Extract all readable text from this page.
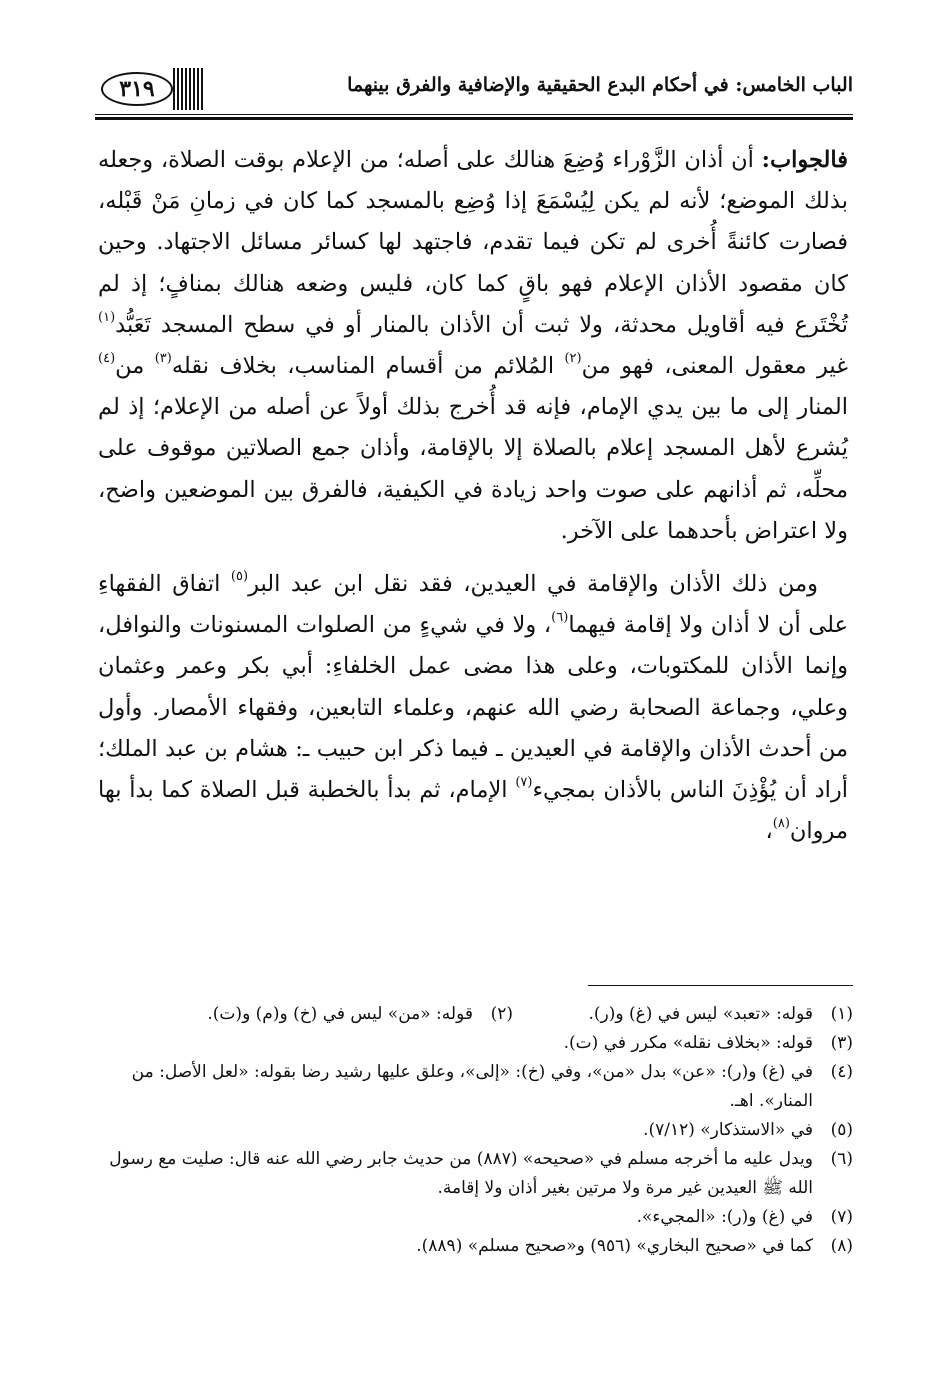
الباب الخامس: في أحكام البدع الحقيقية والإضافية والفرق بينهما
٣١٩

فالجواب: أن أذان الزَّوْراء وُضِعَ هنالك على أصله؛ من الإعلام بوقت الصلاة، وجعله بذلك الموضع؛ لأنه لم يكن لِيُسْمَعَ إذا وُضِع بالمسجد كما كان في زمانِ مَنْ قَبْله، فصارت كائنةً أُخرى لم تكن فيما تقدم، فاجتهد لها كسائر مسائل الاجتهاد. وحين كان مقصود الأذان الإعلام فهو باقٍ كما كان، فليس وضعه هنالك بمنافٍ؛ إذ لم تُخْتَرع فيه أقاويل محدثة، ولا ثبت أن الأذان بالمنار أو في سطح المسجد تَعَبُّد$^{(١)}$ غير معقول المعنى، فهو من$^{(٢)}$ المُلائم من أقسام المناسب، بخلاف نقله$^{(٣)}$ من$^{(٤)}$ المنار إلى ما بين يدي الإمام، فإنه قد أُخرج بذلك أولاً عن أصله من الإعلام؛ إذ لم يُشرع لأهل المسجد إعلام بالصلاة إلا بالإقامة، وأذان جمع الصلاتين موقوف على محلِّه، ثم أذانهم على صوت واحد زيادة في الكيفية، فالفرق بين الموضعين واضح، ولا اعتراض بأحدهما على الآخر.

ومن ذلك الأذان والإقامة في العيدين، فقد نقل ابن عبد البر$^{(٥)}$ اتفاق الفقهاءِ على أن لا أذان ولا إقامة فيهما$^{(٦)}$، ولا في شيءٍ من الصلوات المسنونات والنوافل، وإنما الأذان للمكتوبات، وعلى هذا مضى عمل الخلفاءِ: أبي بكر وعمر وعثمان وعلي، وجماعة الصحابة رضي الله عنهم، وعلماء التابعين، وفقهاء الأمصار. وأول من أحدث الأذان والإقامة في العيدين ـ فيما ذكر ابن حبيب ـ: هشام بن عبد الملك؛ أراد أن يُؤْذِنَ الناس بالأذان بمجيء$^{(٧)}$ الإمام، ثم بدأ بالخطبة قبل الصلاة كما بدأ بها مروان$^{(٨)}$،

(١)
قوله: «تعبد» ليس في (غ) و(ر).
(٢)
قوله: «من» ليس في (خ) و(م) و(ت).
(٣)
قوله: «بخلاف نقله» مكرر في (ت).
(٤)
في (غ) و(ر): «عن» بدل «من»، وفي (خ): «إلى»، وعلق عليها رشيد رضا بقوله: «لعل الأصل: من المنار». اهـ.
(٥)
في «الاستذكار» (٧/١٢).
(٦)
ويدل عليه ما أخرجه مسلم في «صحيحه» (٨٨٧) من حديث جابر رضي الله عنه قال: صليت مع رسول الله ﷺ العيدين غير مرة ولا مرتين بغير أذان ولا إقامة.
(٧)
في (غ) و(ر): «المجيء».
(٨)
كما في «صحيح البخاري» (٩٥٦) و«صحيح مسلم» (٨٨٩).
